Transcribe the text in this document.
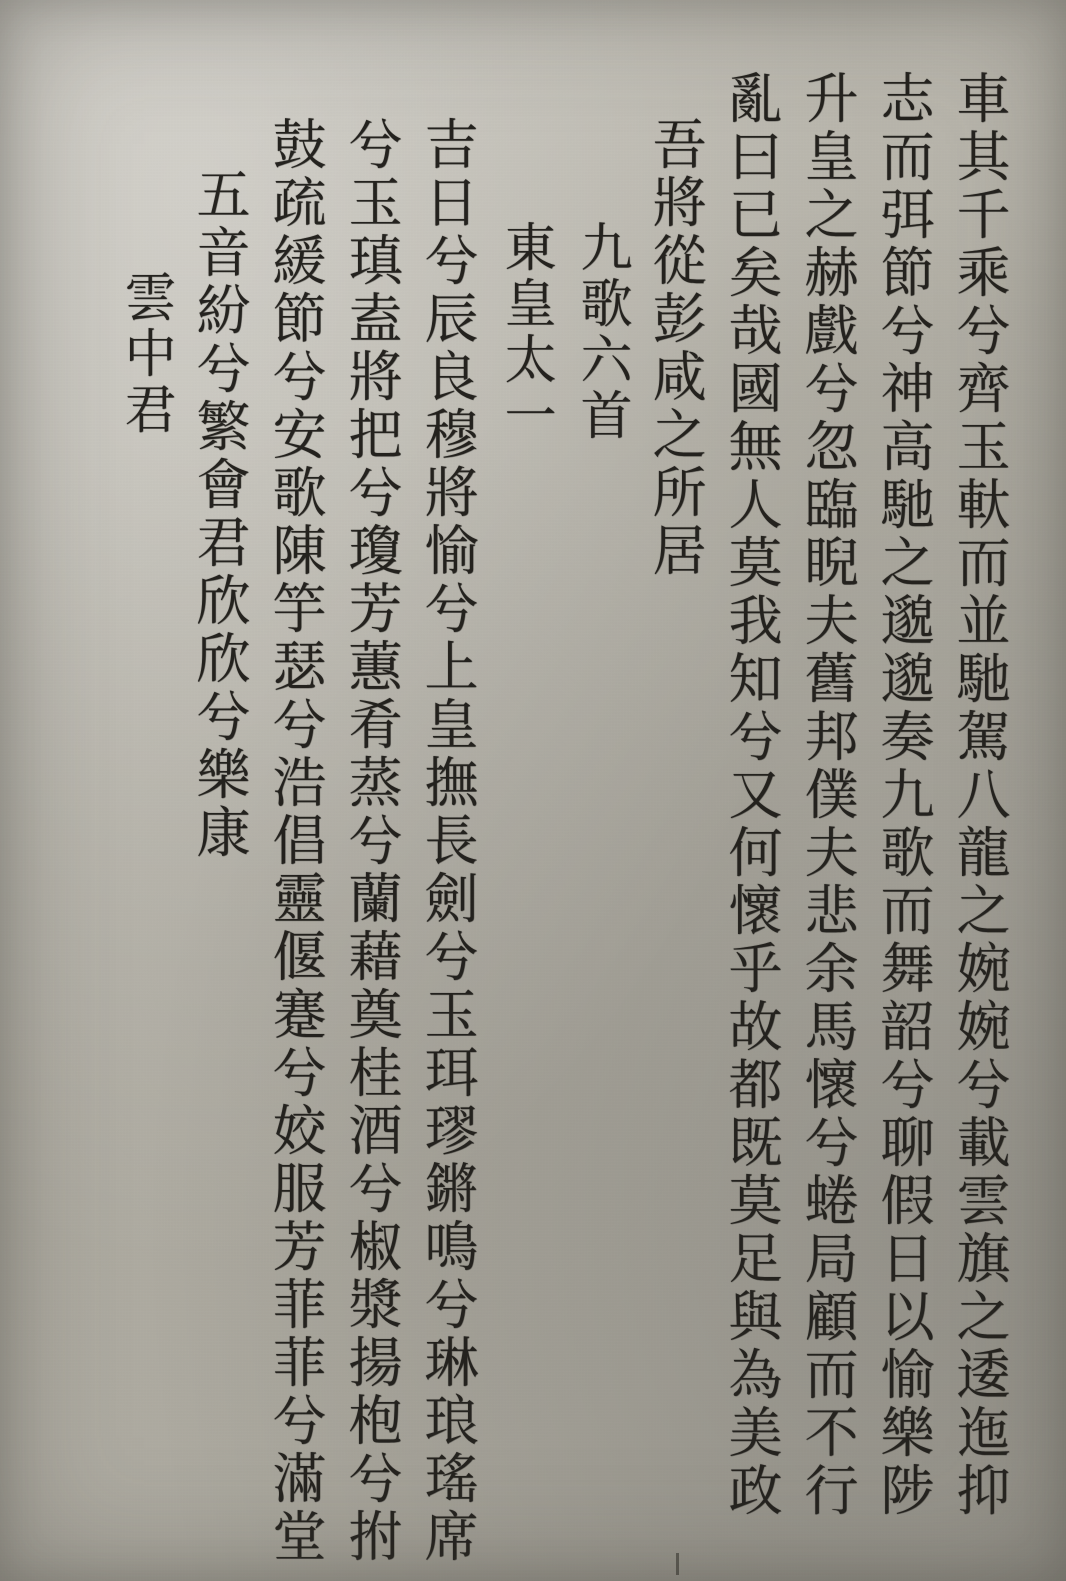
車其千乘兮齊玉軑而並馳駕八龍之婉婉兮載雲旗之逶迤抑
志而弭節兮神高馳之邈邈奏九歌而舞韶兮聊假日以愉樂陟
升皇之赫戲兮忽臨睨夫舊邦僕夫悲余馬懷兮蜷局顧而不行
亂曰已矣哉國無人莫我知兮又何懷乎故都既莫足與為美政
吾將從彭咸之所居
九歌六首
東皇太一
吉日兮辰良穆將愉兮上皇撫長劍兮玉珥璆鏘鳴兮琳琅瑤席
兮玉瑱盍將把兮瓊芳蕙肴蒸兮蘭藉奠桂酒兮椒漿揚枹兮拊
鼓疏緩節兮安歌陳竽瑟兮浩倡靈偃蹇兮姣服芳菲菲兮滿堂
五音紛兮繁會君欣欣兮樂康
雲中君
